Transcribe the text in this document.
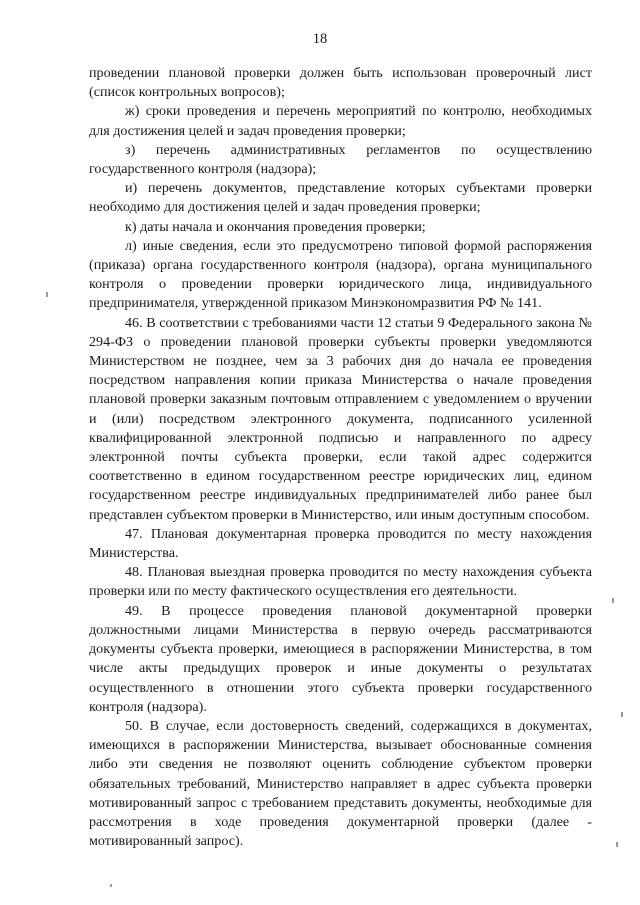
18

проведении плановой проверки должен быть использован проверочный лист (список контрольных вопросов);

ж) сроки проведения и перечень мероприятий по контролю, необходимых для достижения целей и задач проведения проверки;

з) перечень административных регламентов по осуществлению государственного контроля (надзора);

и) перечень документов, представление которых субъектами проверки необходимо для достижения целей и задач проведения проверки;

к) даты начала и окончания проведения проверки;

л) иные сведения, если это предусмотрено типовой формой распоряжения (приказа) органа государственного контроля (надзора), органа муниципального контроля о проведении проверки юридического лица, индивидуального предпринимателя, утвержденной приказом Минэкономразвития РФ № 141.

46. В соответствии с требованиями части 12 статьи 9 Федерального закона № 294-ФЗ о проведении плановой проверки субъекты проверки уведомляются Министерством не позднее, чем за 3 рабочих дня до начала ее проведения посредством направления копии приказа Министерства о начале проведения плановой проверки заказным почтовым отправлением с уведомлением о вручении и (или) посредством электронного документа, подписанного усиленной квалифицированной электронной подписью и направленного по адресу электронной почты субъекта проверки, если такой адрес содержится соответственно в едином государственном реестре юридических лиц, едином государственном реестре индивидуальных предпринимателей либо ранее был представлен субъектом проверки в Министерство, или иным доступным способом.

47. Плановая документарная проверка проводится по месту нахождения Министерства.

48. Плановая выездная проверка проводится по месту нахождения субъекта проверки или по месту фактического осуществления его деятельности.

49. В процессе проведения плановой документарной проверки должностными лицами Министерства в первую очередь рассматриваются документы субъекта проверки, имеющиеся в распоряжении Министерства, в том числе акты предыдущих проверок и иные документы о результатах осуществленного в отношении этого субъекта проверки государственного контроля (надзора).

50. В случае, если достоверность сведений, содержащихся в документах, имеющихся в распоряжении Министерства, вызывает обоснованные сомнения либо эти сведения не позволяют оценить соблюдение субъектом проверки обязательных требований, Министерство направляет в адрес субъекта проверки мотивированный запрос с требованием представить документы, необходимые для рассмотрения в ходе проведения документарной проверки (далее - мотивированный запрос).
